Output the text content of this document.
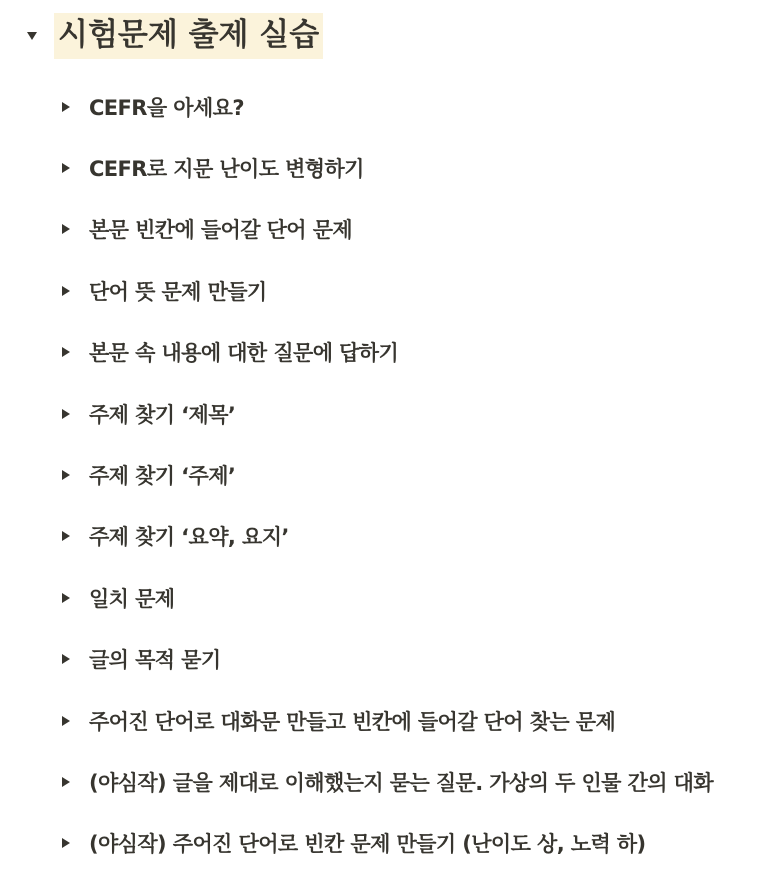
시험문제 출제 실습
CEFR을 아세요?
CEFR로 지문 난이도 변형하기
본문 빈칸에 들어갈 단어 문제
단어 뜻 문제 만들기
본문 속 내용에 대한 질문에 답하기
주제 찾기 ‘제목’
주제 찾기 ‘주제’
주제 찾기 ‘요약, 요지’
일치 문제
글의 목적 묻기
주어진 단어로 대화문 만들고 빈칸에 들어갈 단어 찾는 문제
(야심작) 글을 제대로 이해했는지 묻는 질문. 가상의 두 인물 간의 대화
(야심작) 주어진 단어로 빈칸 문제 만들기 (난이도 상, 노력 하)
